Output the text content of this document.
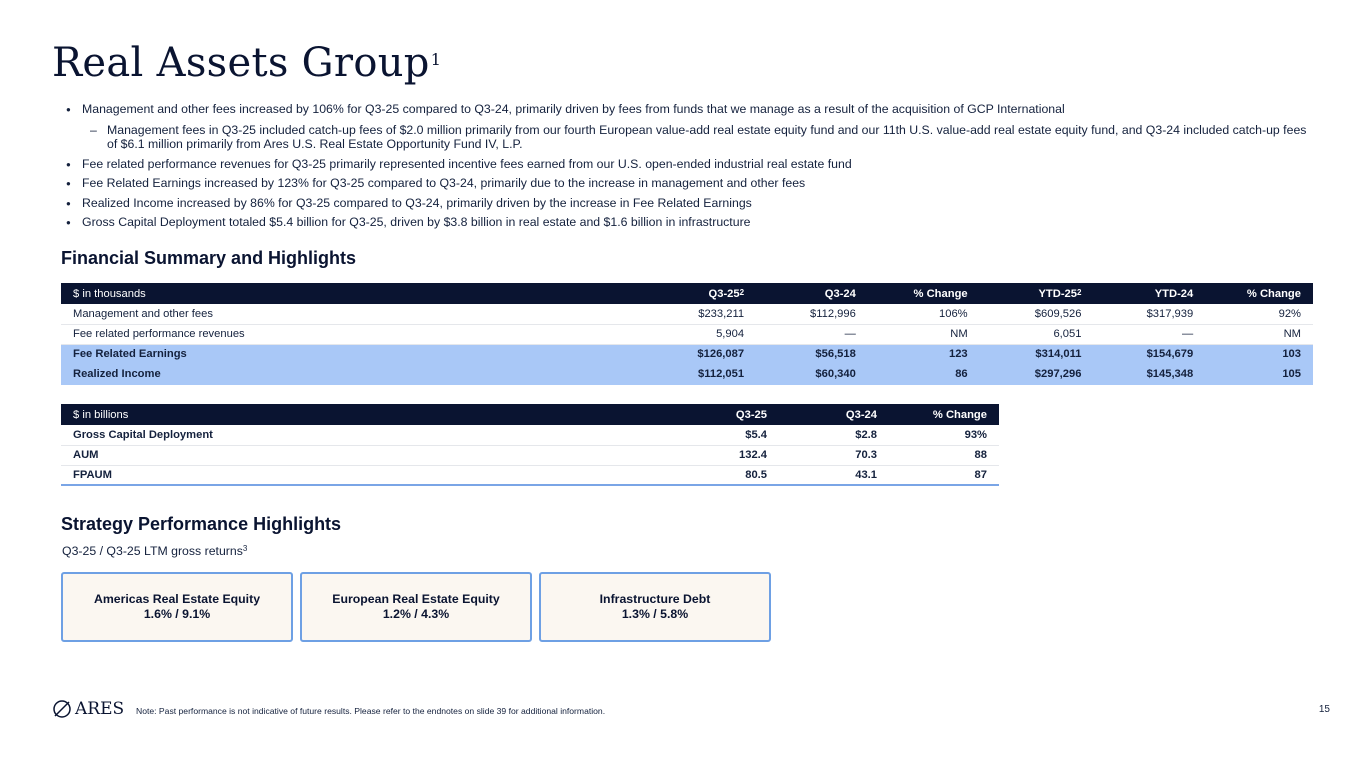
Real Assets Group$^1$
● Management and other fees increased by 106% for Q3-25 compared to Q3-24, primarily driven by fees from funds that we manage as a result of the acquisition of GCP International
– Management fees in Q3-25 included catch-up fees of $2.0 million primarily from our fourth European value-add real estate equity fund and our 11th U.S. value-add real estate equity fund, and Q3-24 included catch-up fees of $6.1 million primarily from Ares U.S. Real Estate Opportunity Fund IV, L.P.
● Fee related performance revenues for Q3-25 primarily represented incentive fees earned from our U.S. open-ended industrial real estate fund
● Fee Related Earnings increased by 123% for Q3-25 compared to Q3-24, primarily due to the increase in management and other fees
● Realized Income increased by 86% for Q3-25 compared to Q3-24, primarily driven by the increase in Fee Related Earnings
● Gross Capital Deployment totaled $5.4 billion for Q3-25, driven by $3.8 billion in real estate and $1.6 billion in infrastructure
Financial Summary and Highlights
$ in thousands	$Q3-25^2$	Q3-24	% Change	YTD-$25^2$	YTD-24	% Change
Management and other fees	$233,211	$112,996	106%	$609,526	$317,939	92%
Fee related performance revenues	5,904	—	NM	6,051	—	NM
Fee Related Earnings	$126,087	$56,518	123	$314,011	$154,679	103
Realized Income	$112,051	$60,340	86	$297,296	$145,348	105
$ in billions	Q3-25	Q3-24	% Change
Gross Capital Deployment	$5.4	$2.8	93%
AUM	132.4	70.3	88
FPAUM	80.5	43.1	87
Strategy Performance Highlights
Q3-25 / Q3-25 LTM gross returns$^3$
Americas Real Estate Equity
1.6% / 9.1%
European Real Estate Equity
1.2% / 4.3%
Infrastructure Debt
1.3% / 5.8%
ARES Note: Past performance is not indicative of future results. Please refer to the endnotes on slide 39 for additional information.	15
